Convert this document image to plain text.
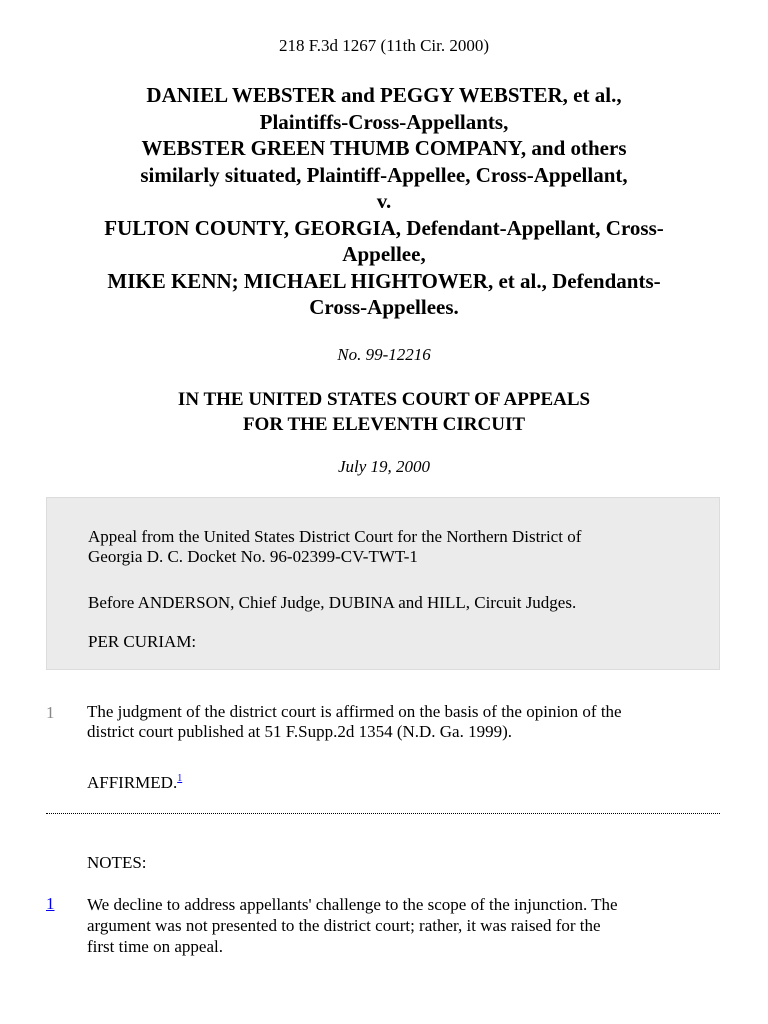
218 F.3d 1267 (11th Cir. 2000)
DANIEL WEBSTER and PEGGY WEBSTER, et al.,
Plaintiffs-Cross-Appellants,
WEBSTER GREEN THUMB COMPANY, and others
similarly situated, Plaintiff-Appellee, Cross-Appellant,
v.
FULTON COUNTY, GEORGIA, Defendant-Appellant, Cross-
Appellee,
MIKE KENN; MICHAEL HIGHTOWER, et al., Defendants-
Cross-Appellees.
No. 99-12216
IN THE UNITED STATES COURT OF APPEALS
FOR THE ELEVENTH CIRCUIT
July 19, 2000

Appeal from the United States District Court for the Northern District of
Georgia D. C. Docket No. 96-02399-CV-TWT-1

Before ANDERSON, Chief Judge, DUBINA and HILL, Circuit Judges.

PER CURIAM:

1 The judgment of the district court is affirmed on the basis of the opinion of the
district court published at 51 F.Supp.2d 1354 (N.D. Ga. 1999).
AFFIRMED.$^1$
NOTES:
1 We decline to address appellants' challenge to the scope of the injunction. The
argument was not presented to the district court; rather, it was raised for the
first time on appeal.
